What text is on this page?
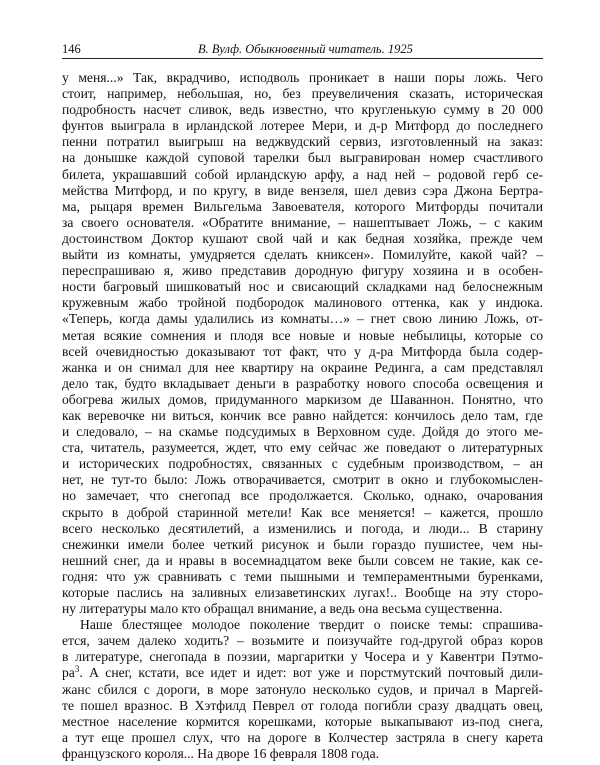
146	В. Вулф. Обыкновенный читатель. 1925
у меня...» Так, вкрадчиво, исподволь проникает в наши поры ложь. Чего
стоит, например, небольшая, но, без преувеличения сказать, историческая
подробность насчет сливок, ведь известно, что кругленькую сумму в 20 000
фунтов выиграла в ирландской лотерее Мери, и д-р Митфорд до последнего
пенни потратил выигрыш на веджвудский сервиз, изготовленный на заказ:
на донышке каждой суповой тарелки был выгравирован номер счастливого
билета, украшавший собой ирландскую арфу, а над ней – родовой герб се-
мейства Митфорд, и по кругу, в виде вензеля, шел девиз сэра Джона Бертра-
ма, рыцаря времен Вильгельма Завоевателя, которого Митфорды почитали
за своего основателя. «Обратите внимание, – нашептывает Ложь, – с каким
достоинством Доктор кушают свой чай и как бедная хозяйка, прежде чем
выйти из комнаты, умудряется сделать книксен». Помилуйте, какой чай? –
переспрашиваю я, живо представив дородную фигуру хозяина и в особен-
ности багровый шишковатый нос и свисающий складками над белоснежным
кружевным жабо тройной подбородок малинового оттенка, как у индюка.
«Теперь, когда дамы удалились из комнаты…» – гнет свою линию Ложь, от-
метая всякие сомнения и плодя все новые и новые небылицы, которые со
всей очевидностью доказывают тот факт, что у д-ра Митфорда была содер-
жанка и он снимал для нее квартиру на окраине Рединга, а сам представлял
дело так, будто вкладывает деньги в разработку нового способа освещения и
обогрева жилых домов, придуманного маркизом де Шаваннон. Понятно, что
как веревочке ни виться, кончик все равно найдется: кончилось дело там, где
и следовало, – на скамье подсудимых в Верховном суде. Дойдя до этого ме-
ста, читатель, разумеется, ждет, что ему сейчас же поведают о литературных
и исторических подробностях, связанных с судебным производством, – ан
нет, не тут-то было: Ложь отворачивается, смотрит в окно и глубокомыслен-
но замечает, что снегопад все продолжается. Сколько, однако, очарования
скрыто в доброй старинной метели! Как все меняется! – кажется, прошло
всего несколько десятилетий, а изменились и погода, и люди... В старину
снежинки имели более четкий рисунок и были гораздо пушистее, чем ны-
нешний снег, да и нравы в восемнадцатом веке были совсем не такие, как се-
годня: что уж сравнивать с теми пышными и темпераментными буренками,
которые паслись на заливных елизаветинских лугах!.. Вообще на эту сторо-
ну литературы мало кто обращал внимание, а ведь она весьма существенна.
Наше блестящее молодое поколение твердит о поиске темы: спрашива-
ется, зачем далеко ходить? – возьмите и поизучайте год-другой образ коров
в литературе, снегопада в поэзии, маргаритки у Чосера и у Кавентри Пэтмо-
$ра^3$. А снег, кстати, все идет и идет: вот уже и порстмутский почтовый дили-
жанс сбился с дороги, в море затонуло несколько судов, и причал в Маргей-
те пошел вразнос. В Хэтфилд Певрел от голода погибли сразу двадцать овец,
местное население кормится корешками, которые выкапывают из-под снега,
а тут еще прошел слух, что на дороге в Колчестер застряла в снегу карета
французского короля... На дворе 16 февраля 1808 года.
